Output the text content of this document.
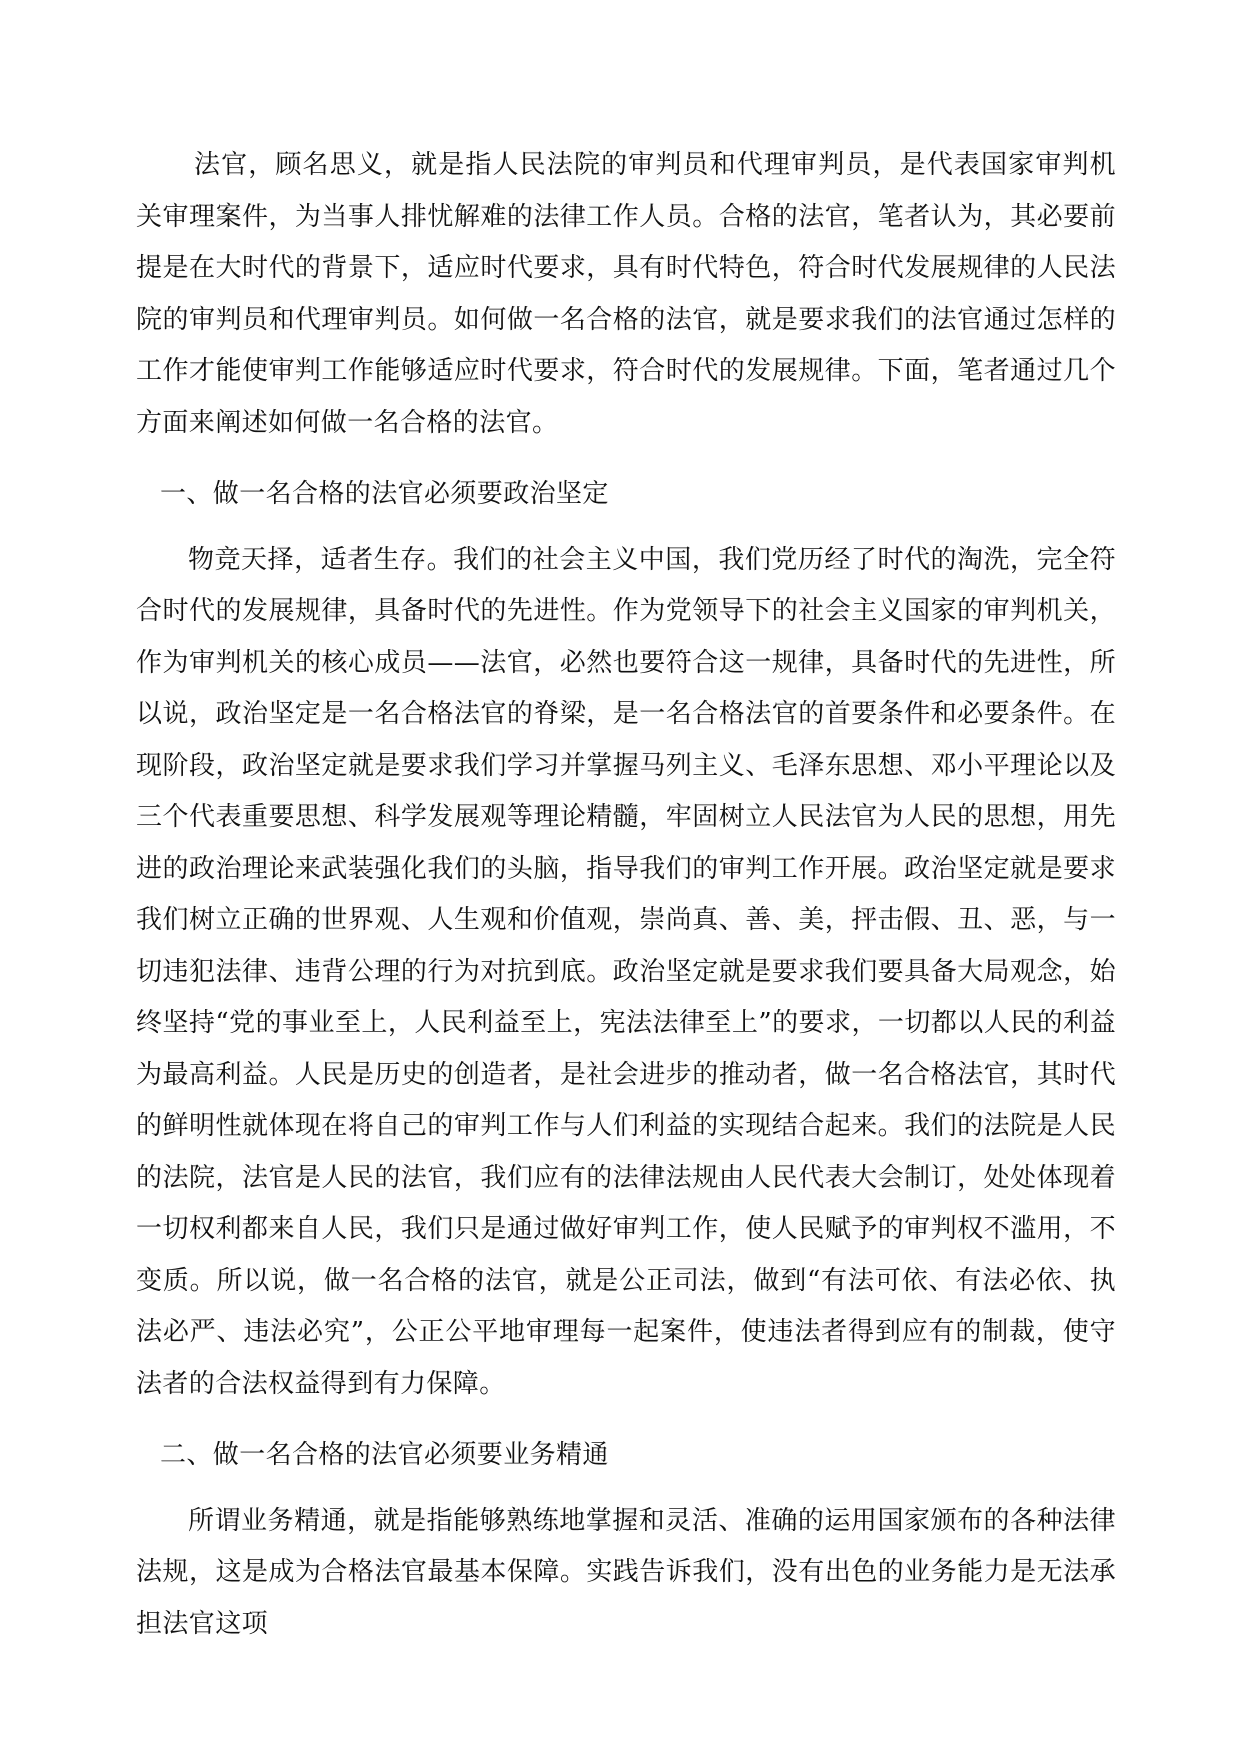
法官，顾名思义，就是指人民法院的审判员和代理审判员，是代表国家审判机关审理案件，为当事人排忧解难的法律工作人员。合格的法官，笔者认为，其必要前提是在大时代的背景下，适应时代要求，具有时代特色，符合时代发展规律的人民法院的审判员和代理审判员。如何做一名合格的法官，就是要求我们的法官通过怎样的工作才能使审判工作能够适应时代要求，符合时代的发展规律。下面，笔者通过几个方面来阐述如何做一名合格的法官。

一、做一名合格的法官必须要政治坚定

物竞天择，适者生存。我们的社会主义中国，我们党历经了时代的淘洗，完全符合时代的发展规律，具备时代的先进性。作为党领导下的社会主义国家的审判机关，作为审判机关的核心成员——法官，必然也要符合这一规律，具备时代的先进性，所以说，政治坚定是一名合格法官的脊梁，是一名合格法官的首要条件和必要条件。在现阶段，政治坚定就是要求我们学习并掌握马列主义、毛泽东思想、邓小平理论以及三个代表重要思想、科学发展观等理论精髓，牢固树立人民法官为人民的思想，用先进的政治理论来武装强化我们的头脑，指导我们的审判工作开展。政治坚定就是要求我们树立正确的世界观、人生观和价值观，崇尚真、善、美，抨击假、丑、恶，与一切违犯法律、违背公理的行为对抗到底。政治坚定就是要求我们要具备大局观念，始终坚持“党的事业至上，人民利益至上，宪法法律至上”的要求，一切都以人民的利益为最高利益。人民是历史的创造者，是社会进步的推动者，做一名合格法官，其时代的鲜明性就体现在将自己的审判工作与人们利益的实现结合起来。我们的法院是人民的法院，法官是人民的法官，我们应有的法律法规由人民代表大会制订，处处体现着一切权利都来自人民，我们只是通过做好审判工作，使人民赋予的审判权不滥用，不变质。所以说，做一名合格的法官，就是公正司法，做到“有法可依、有法必依、执法必严、违法必究”，公正公平地审理每一起案件，使违法者得到应有的制裁，使守法者的合法权益得到有力保障。

二、做一名合格的法官必须要业务精通

所谓业务精通，就是指能够熟练地掌握和灵活、准确的运用国家颁布的各种法律法规，这是成为合格法官最基本保障。实践告诉我们，没有出色的业务能力是无法承担法官这项
